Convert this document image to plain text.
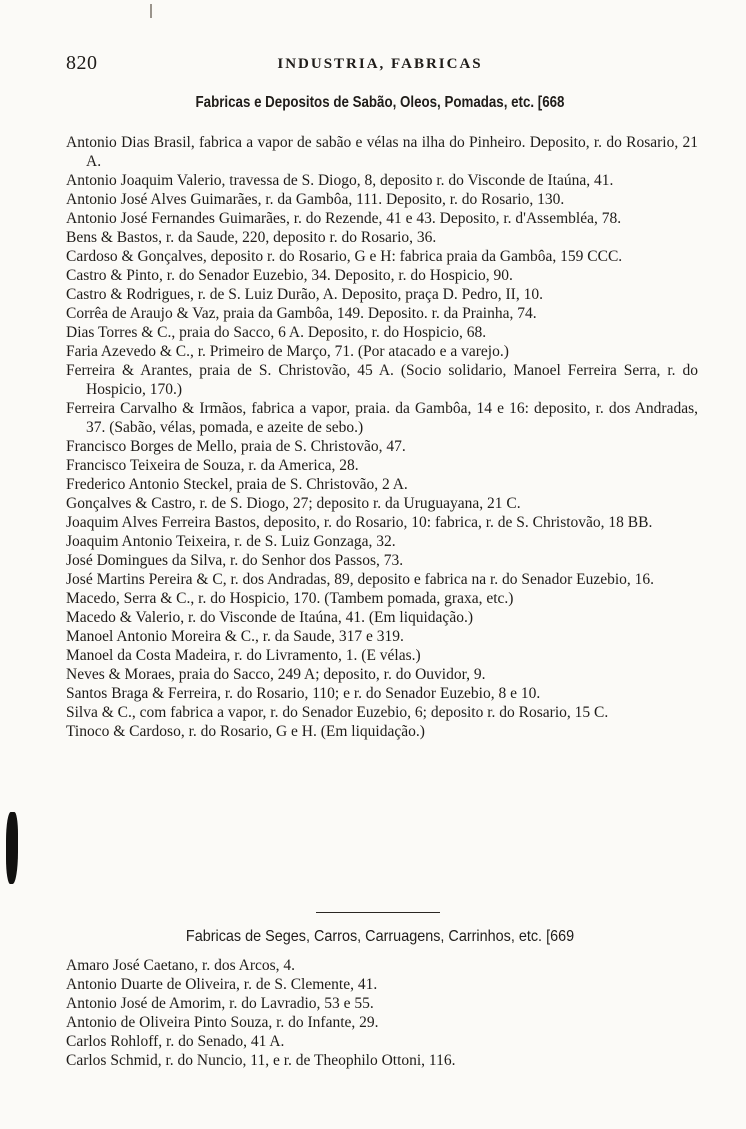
820	INDUSTRIA, FABRICAS
Fabricas e Depositos de Sabão, Oleos, Pomadas, etc. [668
Antonio Dias Brasil, fabrica a vapor de sabão e vélas na ilha do Pinheiro. Deposito, r. do Rosario, 21 A.
Antonio Joaquim Valerio, travessa de S. Diogo, 8, deposito r. do Visconde de Itaúna, 41.
Antonio José Alves Guimarães, r. da Gambôa, 111. Deposito, r. do Rosario, 130.
Antonio José Fernandes Guimarães, r. do Rezende, 41 e 43. Deposito, r. d'Assembléa, 78.
Bens & Bastos, r. da Saude, 220, deposito r. do Rosario, 36.
Cardoso & Gonçalves, deposito r. do Rosario, G e H: fabrica praia da Gambôa, 159 CCC.
Castro & Pinto, r. do Senador Euzebio, 34. Deposito, r. do Hospicio, 90.
Castro & Rodrigues, r. de S. Luiz Durão, A. Deposito, praça D. Pedro, II, 10.
Corrêa de Araujo & Vaz, praia da Gambôa, 149. Deposito. r. da Prainha, 74.
Dias Torres & C., praia do Sacco, 6 A. Deposito, r. do Hospicio, 68.
Faria Azevedo & C., r. Primeiro de Março, 71. (Por atacado e a varejo.)
Ferreira & Arantes, praia de S. Christovão, 45 A. (Socio solidario, Manoel Ferreira Serra, r. do Hospicio, 170.)
Ferreira Carvalho & Irmãos, fabrica a vapor, praia. da Gambôa, 14 e 16: deposito, r. dos Andradas, 37. (Sabão, vélas, pomada, e azeite de sebo.)
Francisco Borges de Mello, praia de S. Christovão, 47.
Francisco Teixeira de Souza, r. da America, 28.
Frederico Antonio Steckel, praia de S. Christovão, 2 A.
Gonçalves & Castro, r. de S. Diogo, 27; deposito r. da Uruguayana, 21 C.
Joaquim Alves Ferreira Bastos, deposito, r. do Rosario, 10: fabrica, r. de S. Christovão, 18 BB.
Joaquim Antonio Teixeira, r. de S. Luiz Gonzaga, 32.
José Domingues da Silva, r. do Senhor dos Passos, 73.
José Martins Pereira & C, r. dos Andradas, 89, deposito e fabrica na r. do Senador Euzebio, 16.
Macedo, Serra & C., r. do Hospicio, 170. (Tambem pomada, graxa, etc.)
Macedo & Valerio, r. do Visconde de Itaúna, 41. (Em liquidação.)
Manoel Antonio Moreira & C., r. da Saude, 317 e 319.
Manoel da Costa Madeira, r. do Livramento, 1. (E vélas.)
Neves & Moraes, praia do Sacco, 249 A; deposito, r. do Ouvidor, 9.
Santos Braga & Ferreira, r. do Rosario, 110; e r. do Senador Euzebio, 8 e 10.
Silva & C., com fabrica a vapor, r. do Senador Euzebio, 6; deposito r. do Rosario, 15 C.
Tinoco & Cardoso, r. do Rosario, G e H. (Em liquidação.)
Fabricas de Seges, Carros, Carruagens, Carrinhos, etc. [669
Amaro José Caetano, r. dos Arcos, 4.
Antonio Duarte de Oliveira, r. de S. Clemente, 41.
Antonio José de Amorim, r. do Lavradio, 53 e 55.
Antonio de Oliveira Pinto Souza, r. do Infante, 29.
Carlos Rohloff, r. do Senado, 41 A.
Carlos Schmid, r. do Nuncio, 11, e r. de Theophilo Ottoni, 116.
